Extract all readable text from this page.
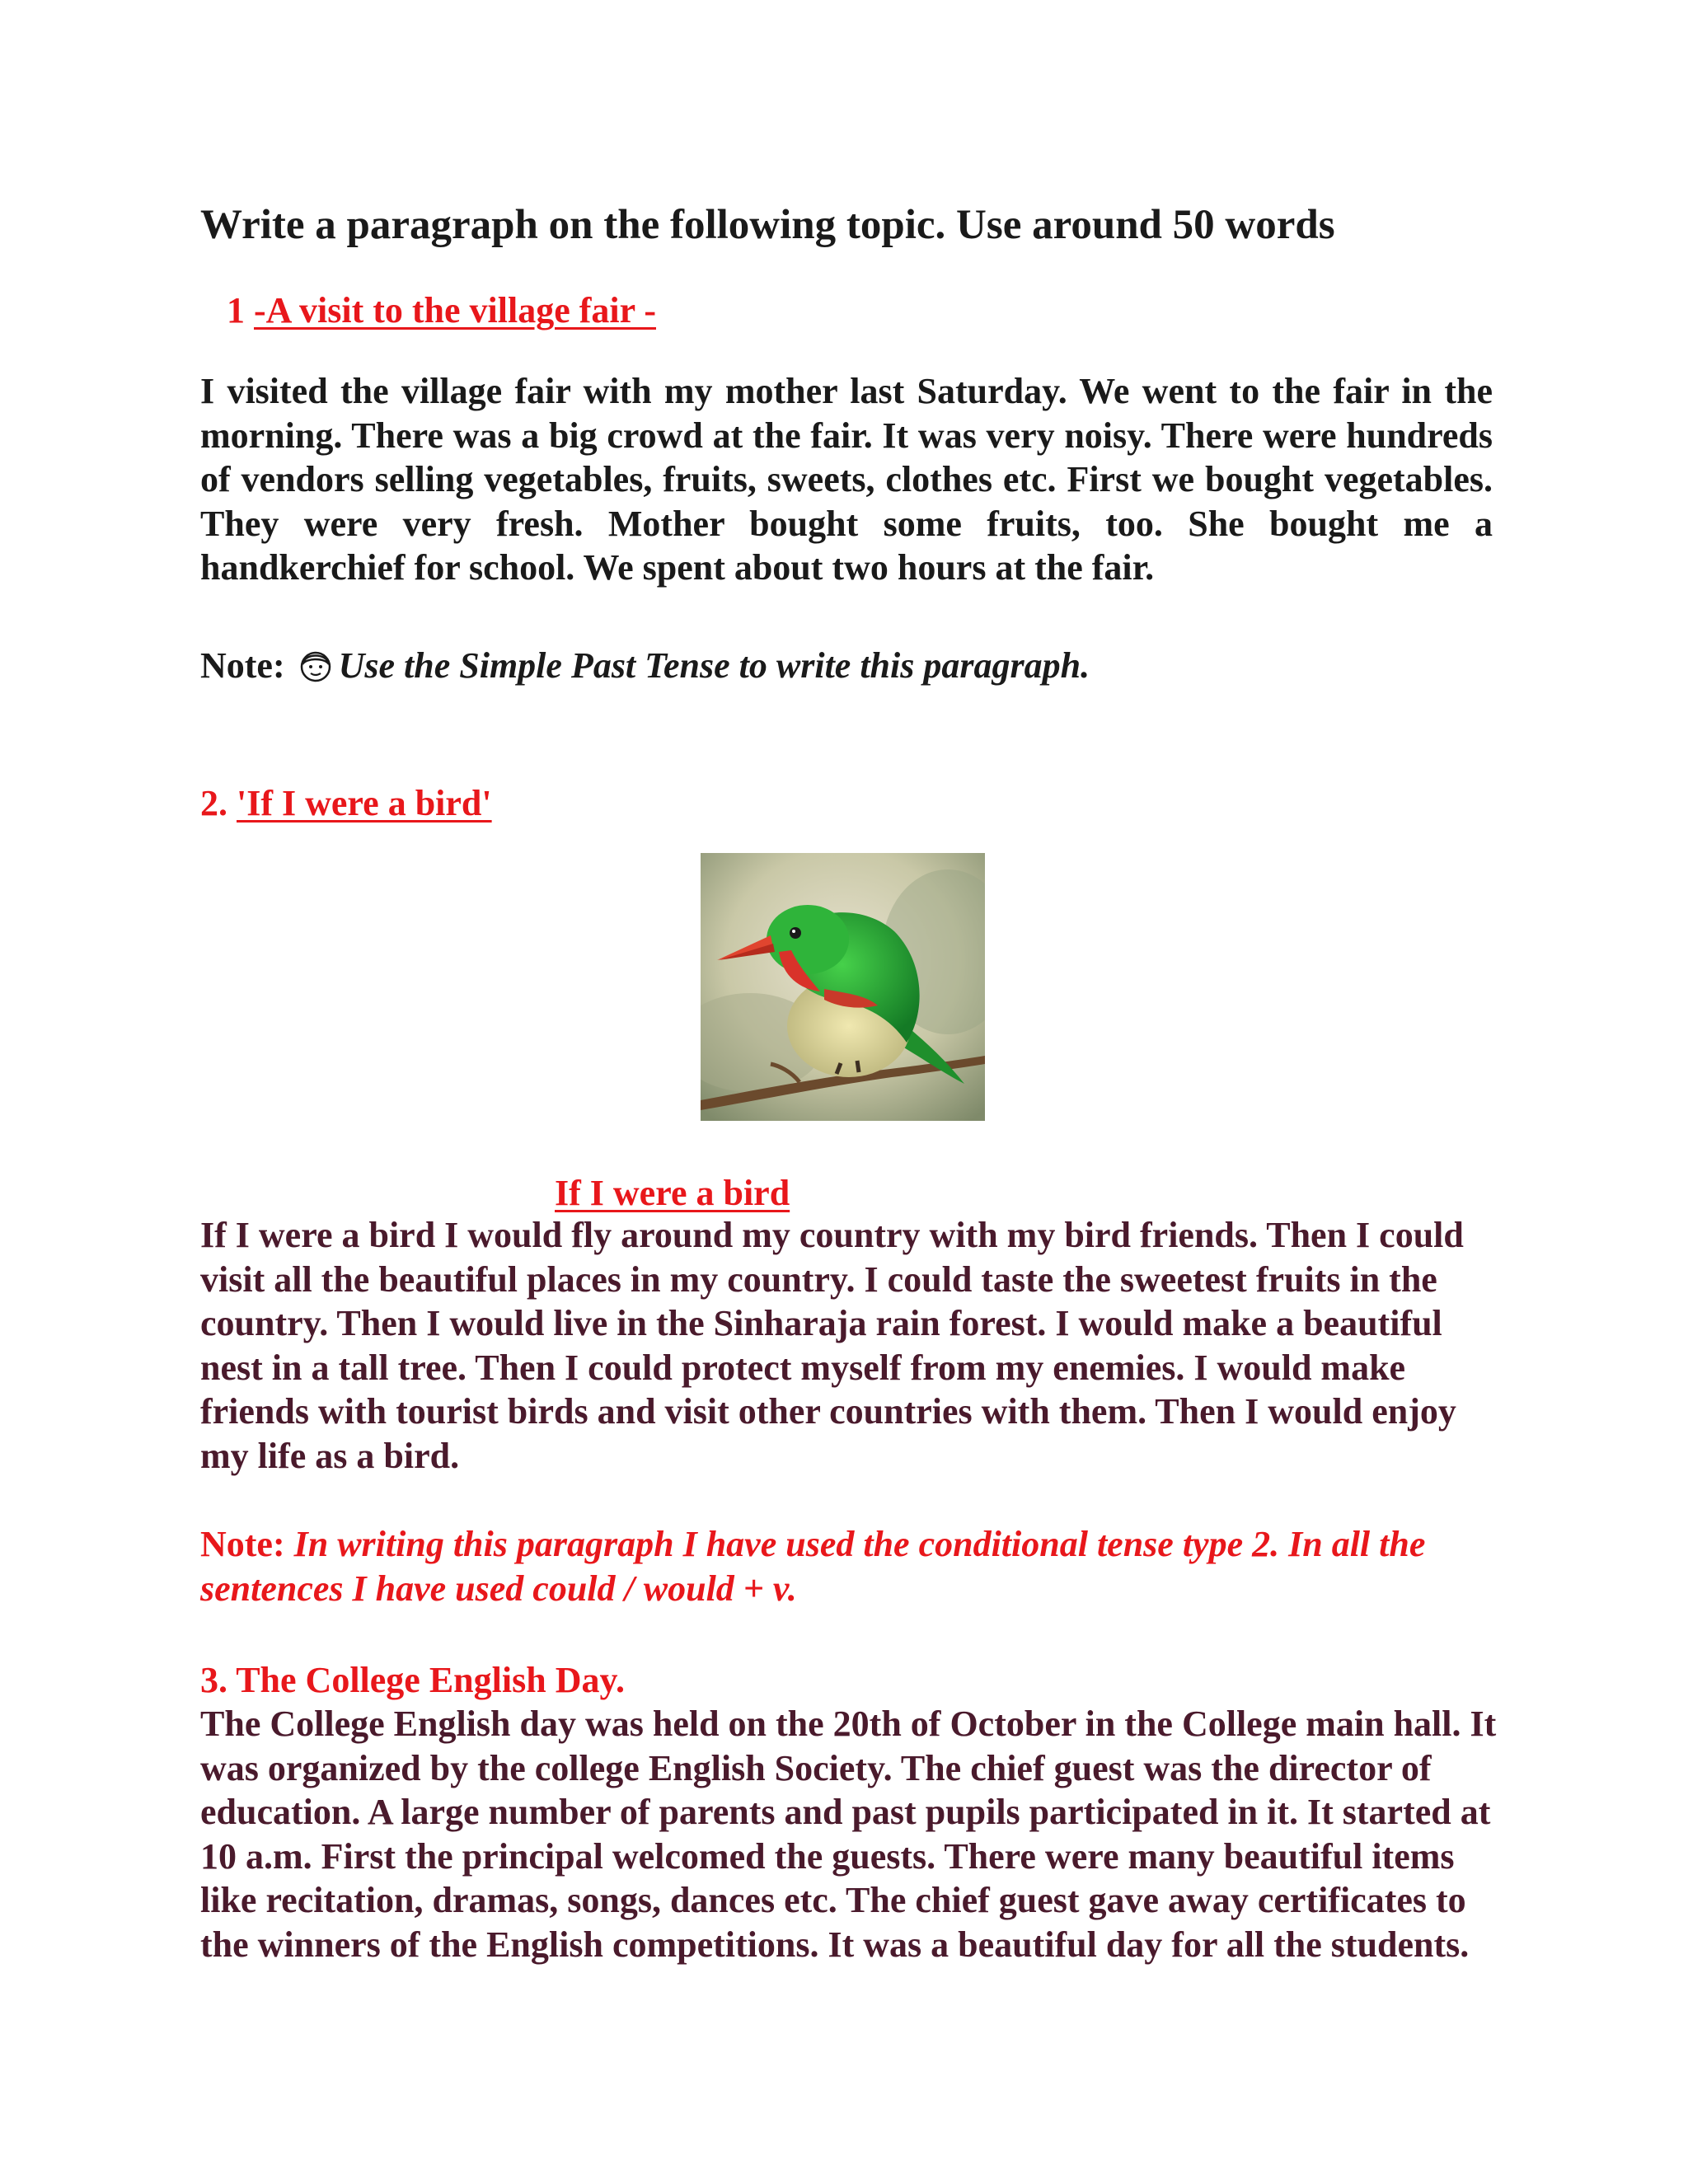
Write a paragraph on the following topic. Use around 50 words
1 -A visit to the village fair -
I visited the village fair with my mother last Saturday. We went to the fair in the morning. There was a big crowd at the fair. It was very noisy. There were hundreds of vendors selling vegetables, fruits, sweets, clothes etc. First we bought vegetables. They were very fresh. Mother bought some fruits, too. She bought me a handkerchief for school. We spent about two hours at the fair.
Note: Use the Simple Past Tense to write this paragraph.
2. 'If I were a bird'
If I were a bird
If I were a bird I would fly around my country with my bird friends. Then I could visit all the beautiful places in my country. I could taste the sweetest fruits in the country. Then I would live in the Sinharaja rain forest. I would make a beautiful nest in a tall tree. Then I could protect myself from my enemies. I would make friends with tourist birds and visit other countries with them. Then I would enjoy my life as a bird.
Note: In writing this paragraph I have used the conditional tense type 2. In all the sentences I have used could / would + v.
3. The College English Day.
The College English day was held on the 20th of October in the College main hall. It was organized by the college English Society. The chief guest was the director of education. A large number of parents and past pupils participated in it. It started at 10 a.m. First the principal welcomed the guests. There were many beautiful items like recitation, dramas, songs, dances etc. The chief guest gave away certificates to the winners of the English competitions. It was a beautiful day for all the students.
